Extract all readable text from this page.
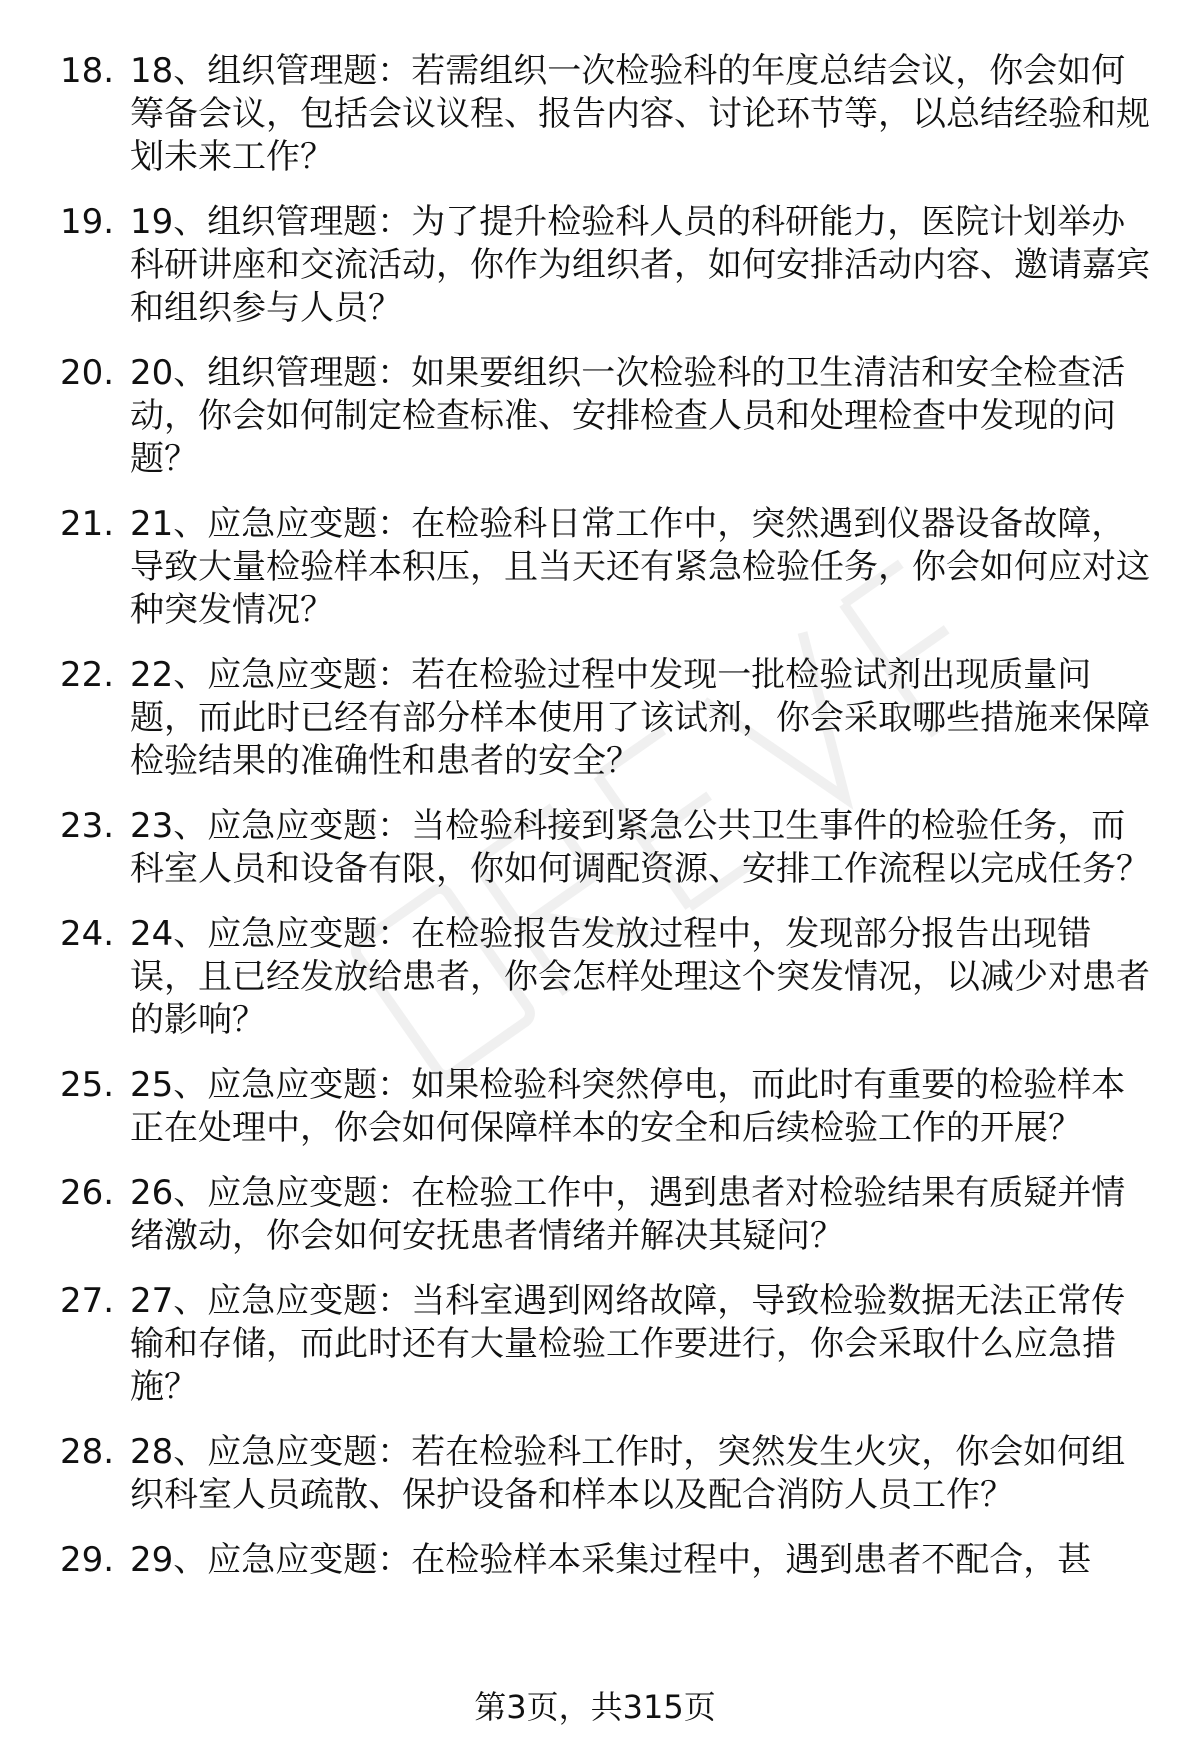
18. 18、组织管理题：若需组织一次检验科的年度总结会议，你会如何筹备会议，包括会议议程、报告内容、讨论环节等，以总结经验和规划未来工作？
19. 19、组织管理题：为了提升检验科人员的科研能力，医院计划举办科研讲座和交流活动，你作为组织者，如何安排活动内容、邀请嘉宾和组织参与人员？
20. 20、组织管理题：如果要组织一次检验科的卫生清洁和安全检查活动，你会如何制定检查标准、安排检查人员和处理检查中发现的问题？
21. 21、应急应变题：在检验科日常工作中，突然遇到仪器设备故障，导致大量检验样本积压，且当天还有紧急检验任务，你会如何应对这种突发情况？
22. 22、应急应变题：若在检验过程中发现一批检验试剂出现质量问题，而此时已经有部分样本使用了该试剂，你会采取哪些措施来保障检验结果的准确性和患者的安全？
23. 23、应急应变题：当检验科接到紧急公共卫生事件的检验任务，而科室人员和设备有限，你如何调配资源、安排工作流程以完成任务？
24. 24、应急应变题：在检验报告发放过程中，发现部分报告出现错误，且已经发放给患者，你会怎样处理这个突发情况，以减少对患者的影响？
25. 25、应急应变题：如果检验科突然停电，而此时有重要的检验样本正在处理中，你会如何保障样本的安全和后续检验工作的开展？
26. 26、应急应变题：在检验工作中，遇到患者对检验结果有质疑并情绪激动，你会如何安抚患者情绪并解决其疑问？
27. 27、应急应变题：当科室遇到网络故障，导致检验数据无法正常传输和存储，而此时还有大量检验工作要进行，你会采取什么应急措施？
28. 28、应急应变题：若在检验科工作时，突然发生火灾，你会如何组织科室人员疏散、保护设备和样本以及配合消防人员工作？
29. 29、应急应变题：在检验样本采集过程中，遇到患者不配合，甚
第3页，共315页
